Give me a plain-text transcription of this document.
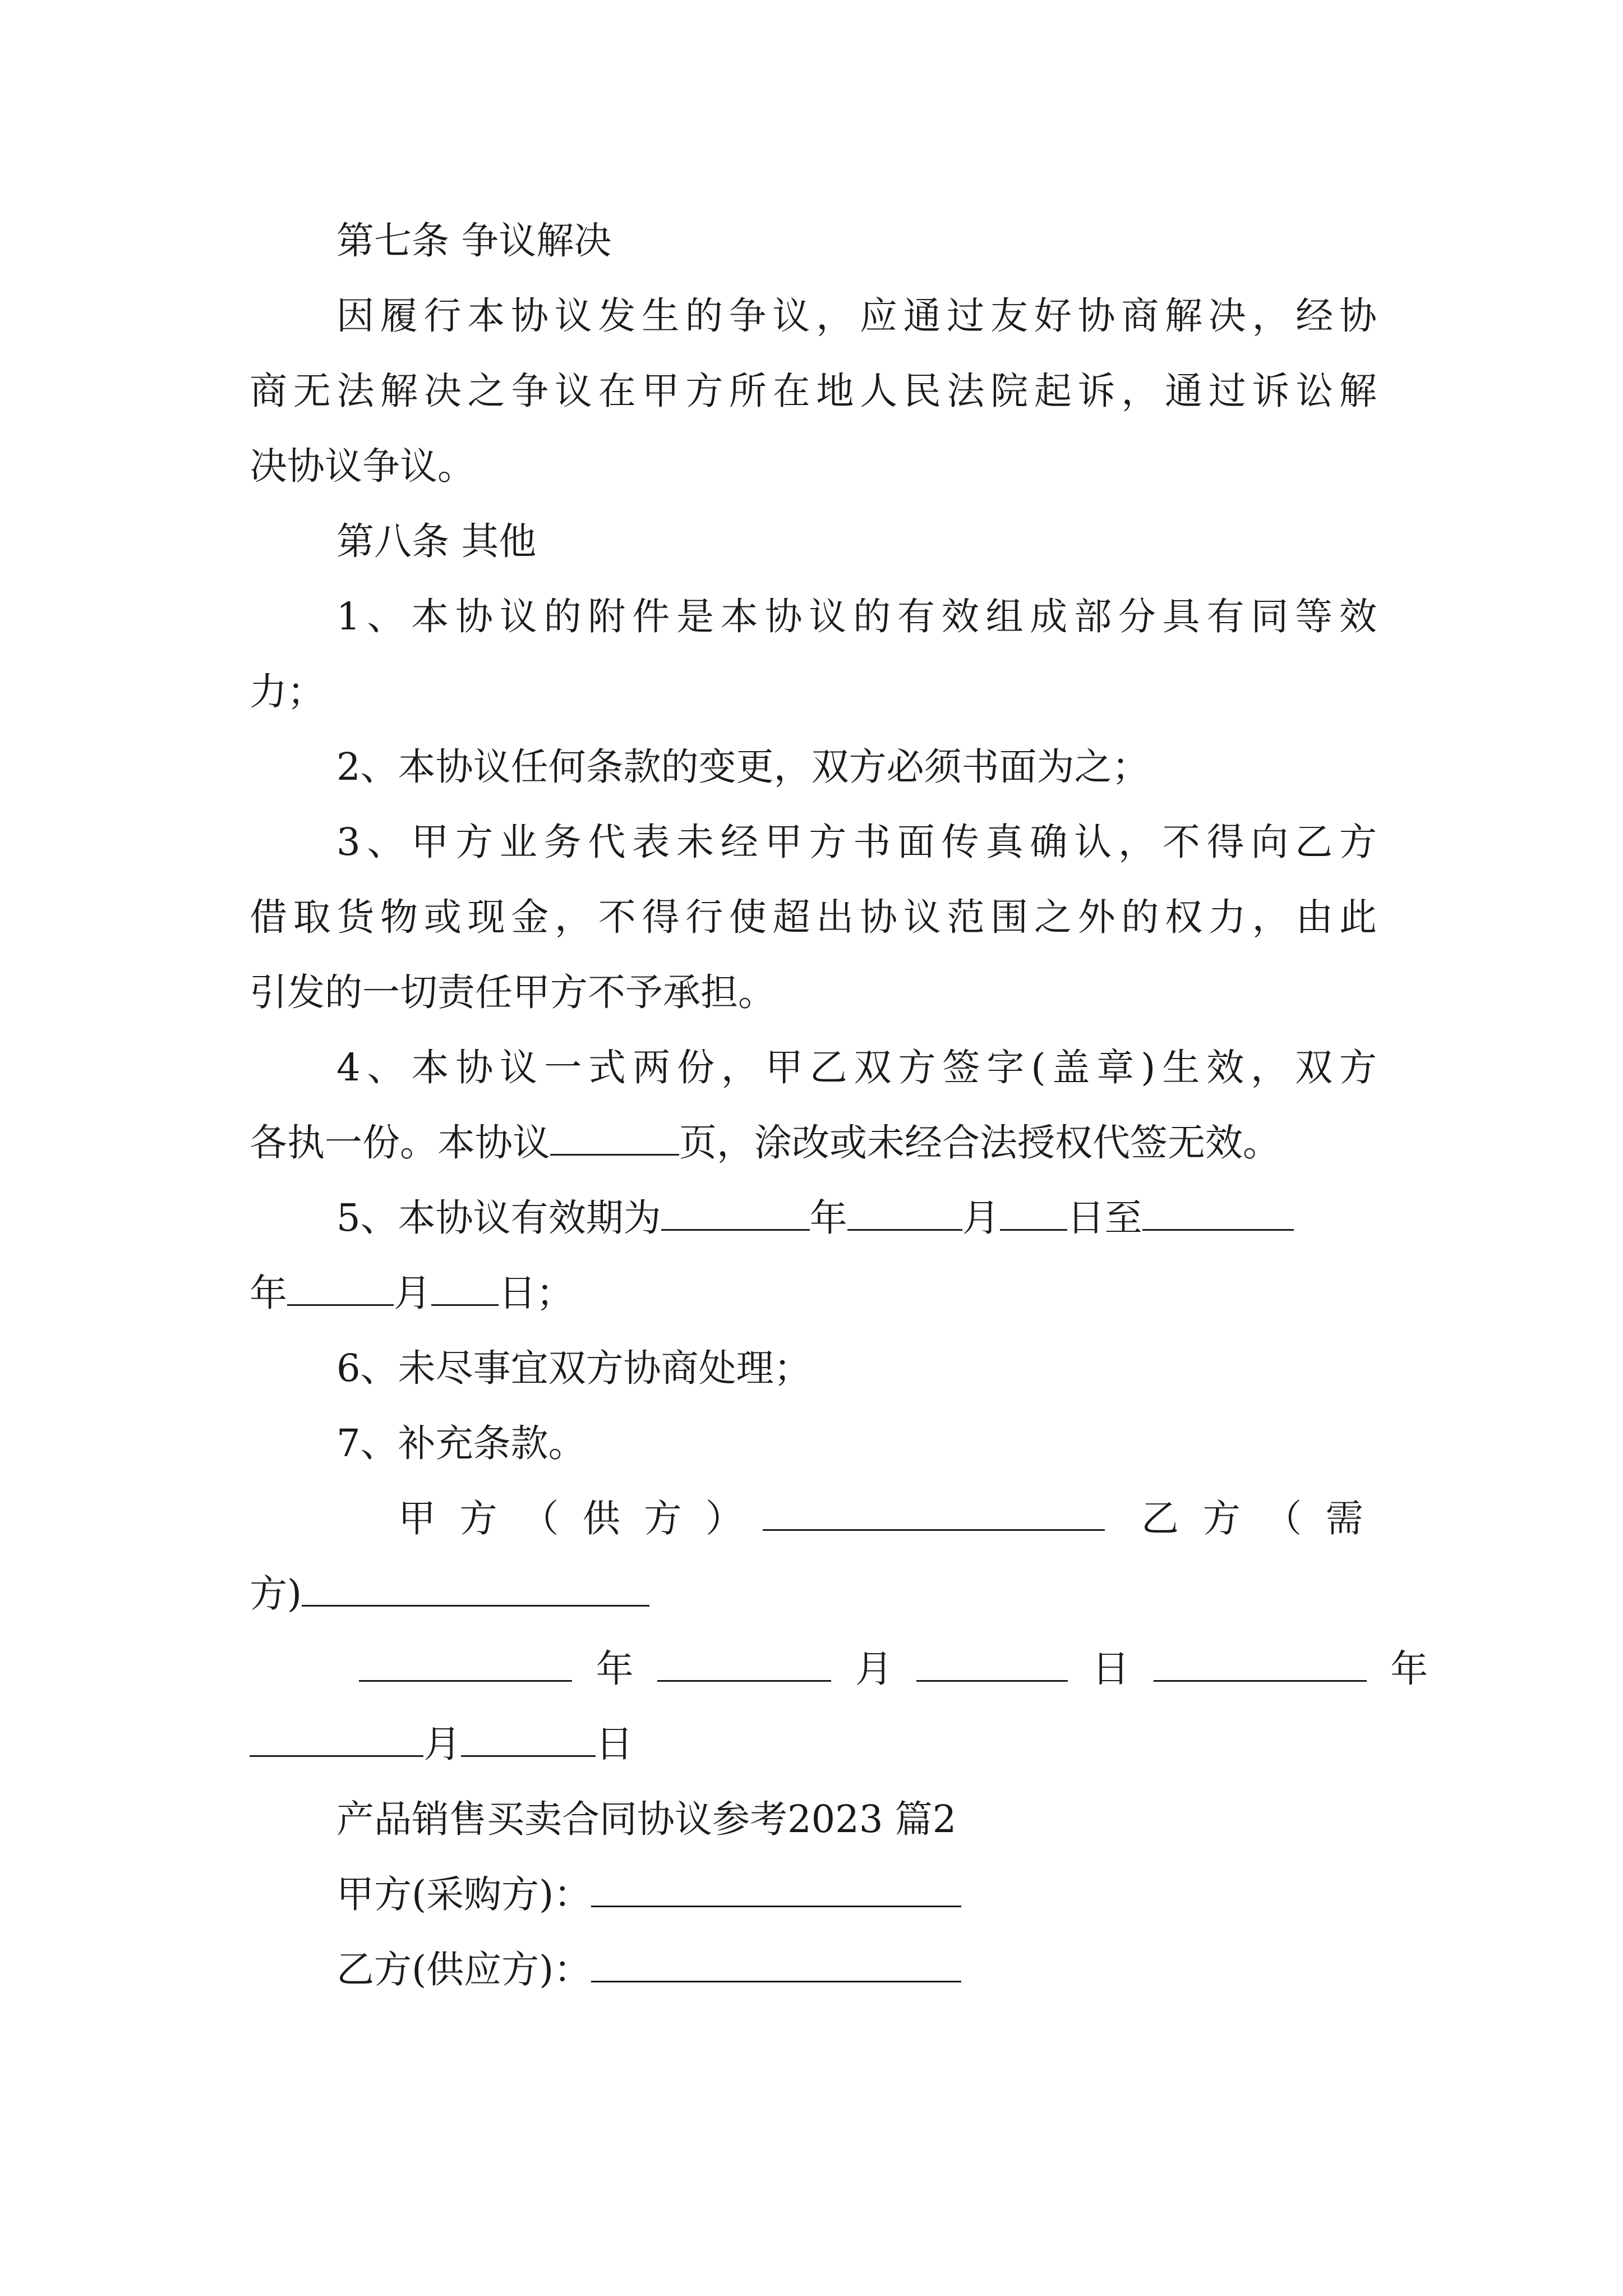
第七条 争议解决
因履行本协议发生的争议，应通过友好协商解决，经协
商无法解决之争议在甲方所在地人民法院起诉，通过诉讼解
决协议争议。
第八条 其他
1、本协议的附件是本协议的有效组成部分具有同等效
力；
2、本协议任何条款的变更，双方必须书面为之；
3、甲方业务代表未经甲方书面传真确认，不得向乙方
借取货物或现金，不得行使超出协议范围之外的权力，由此
引发的一切责任甲方不予承担。
4、本协议一式两份，甲乙双方签字(盖章)生效，双方
各执一份。本协议	页，涂改或未经合法授权代签无效。
5、本协议有效期为	年	月 日至
年	月 日；
6、未尽事宜双方协商处理；
7、补充条款。
甲  方  （  供  方  ）	乙  方  （  需
方)
年	月	日	年
月	日
产品销售买卖合同协议参考2023 篇2
甲方(采购方)：
乙方(供应方)：
